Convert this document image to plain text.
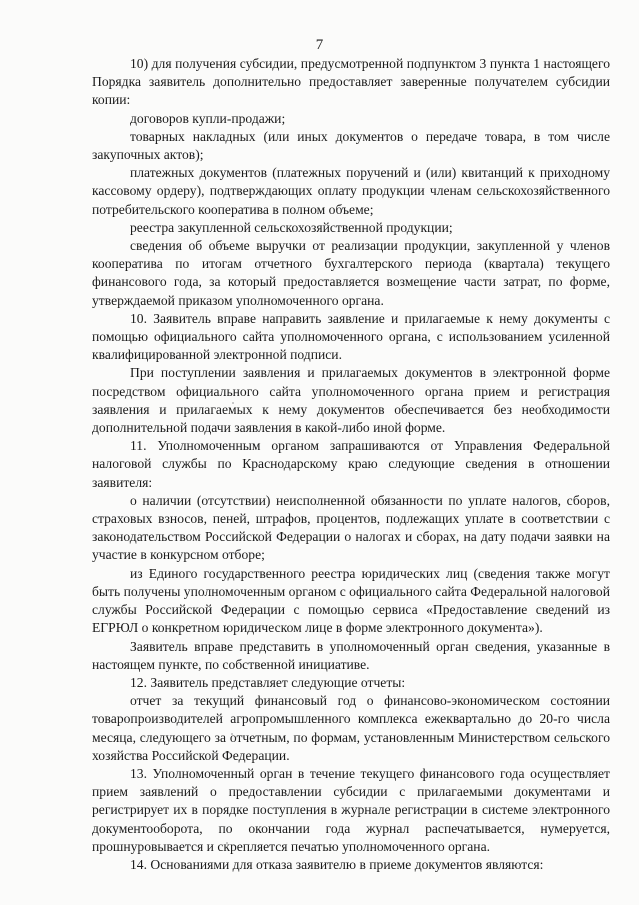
7

10) для получения субсидии, предусмотренной подпунктом 3 пункта 1 настоящего Порядка заявитель дополнительно предоставляет заверенные получателем субсидии копии:

договоров купли-продажи;

товарных накладных (или иных документов о передаче товара, в том числе закупочных актов);

платежных документов (платежных поручений и (или) квитанций к приходному кассовому ордеру), подтверждающих оплату продукции членам сельскохозяйственного потребительского кооператива в полном объеме;

реестра закупленной сельскохозяйственной продукции;

сведения об объеме выручки от реализации продукции, закупленной у членов кооператива по итогам отчетного бухгалтерского периода (квартала) текущего финансового года, за который предоставляется возмещение части затрат, по форме, утверждаемой приказом уполномоченного органа.

10. Заявитель вправе направить заявление и прилагаемые к нему документы с помощью официального сайта уполномоченного органа, с использованием усиленной квалифицированной электронной подписи.

При поступлении заявления и прилагаемых документов в электронной форме посредством официального сайта уполномоченного органа прием и регистрация заявления и прилагаемых к нему документов обеспечивается без необходимости дополнительной подачи заявления в какой-либо иной форме.

11. Уполномоченным органом запрашиваются от Управления Федеральной налоговой службы по Краснодарскому краю следующие сведения в отношении заявителя:

о наличии (отсутствии) неисполненной обязанности по уплате налогов, сборов, страховых взносов, пеней, штрафов, процентов, подлежащих уплате в соответствии с законодательством Российской Федерации о налогах и сборах, на дату подачи заявки на участие в конкурсном отборе;

из Единого государственного реестра юридических лиц (сведения также могут быть получены уполномоченным органом с официального сайта Федеральной налоговой службы Российской Федерации с помощью сервиса «Предоставление сведений из ЕГРЮЛ о конкретном юридическом лице в форме электронного документа»).

Заявитель вправе представить в уполномоченный орган сведения, указанные в настоящем пункте, по собственной инициативе.

12. Заявитель представляет следующие отчеты:

отчет за текущий финансовый год о финансово-экономическом состоянии товаропроизводителей агропромышленного комплекса ежеквартально до 20-го числа месяца, следующего за отчетным, по формам, установленным Министерством сельского хозяйства Российской Федерации.

13. Уполномоченный орган в течение текущего финансового года осуществляет прием заявлений о предоставлении субсидии с прилагаемыми документами и регистрирует их в порядке поступления в журнале регистрации в системе электронного документооборота, по окончании года журнал распечатывается, нумеруется, прошнуровывается и скрепляется печатью уполномоченного органа.

14. Основаниями для отказа заявителю в приеме документов являются:
